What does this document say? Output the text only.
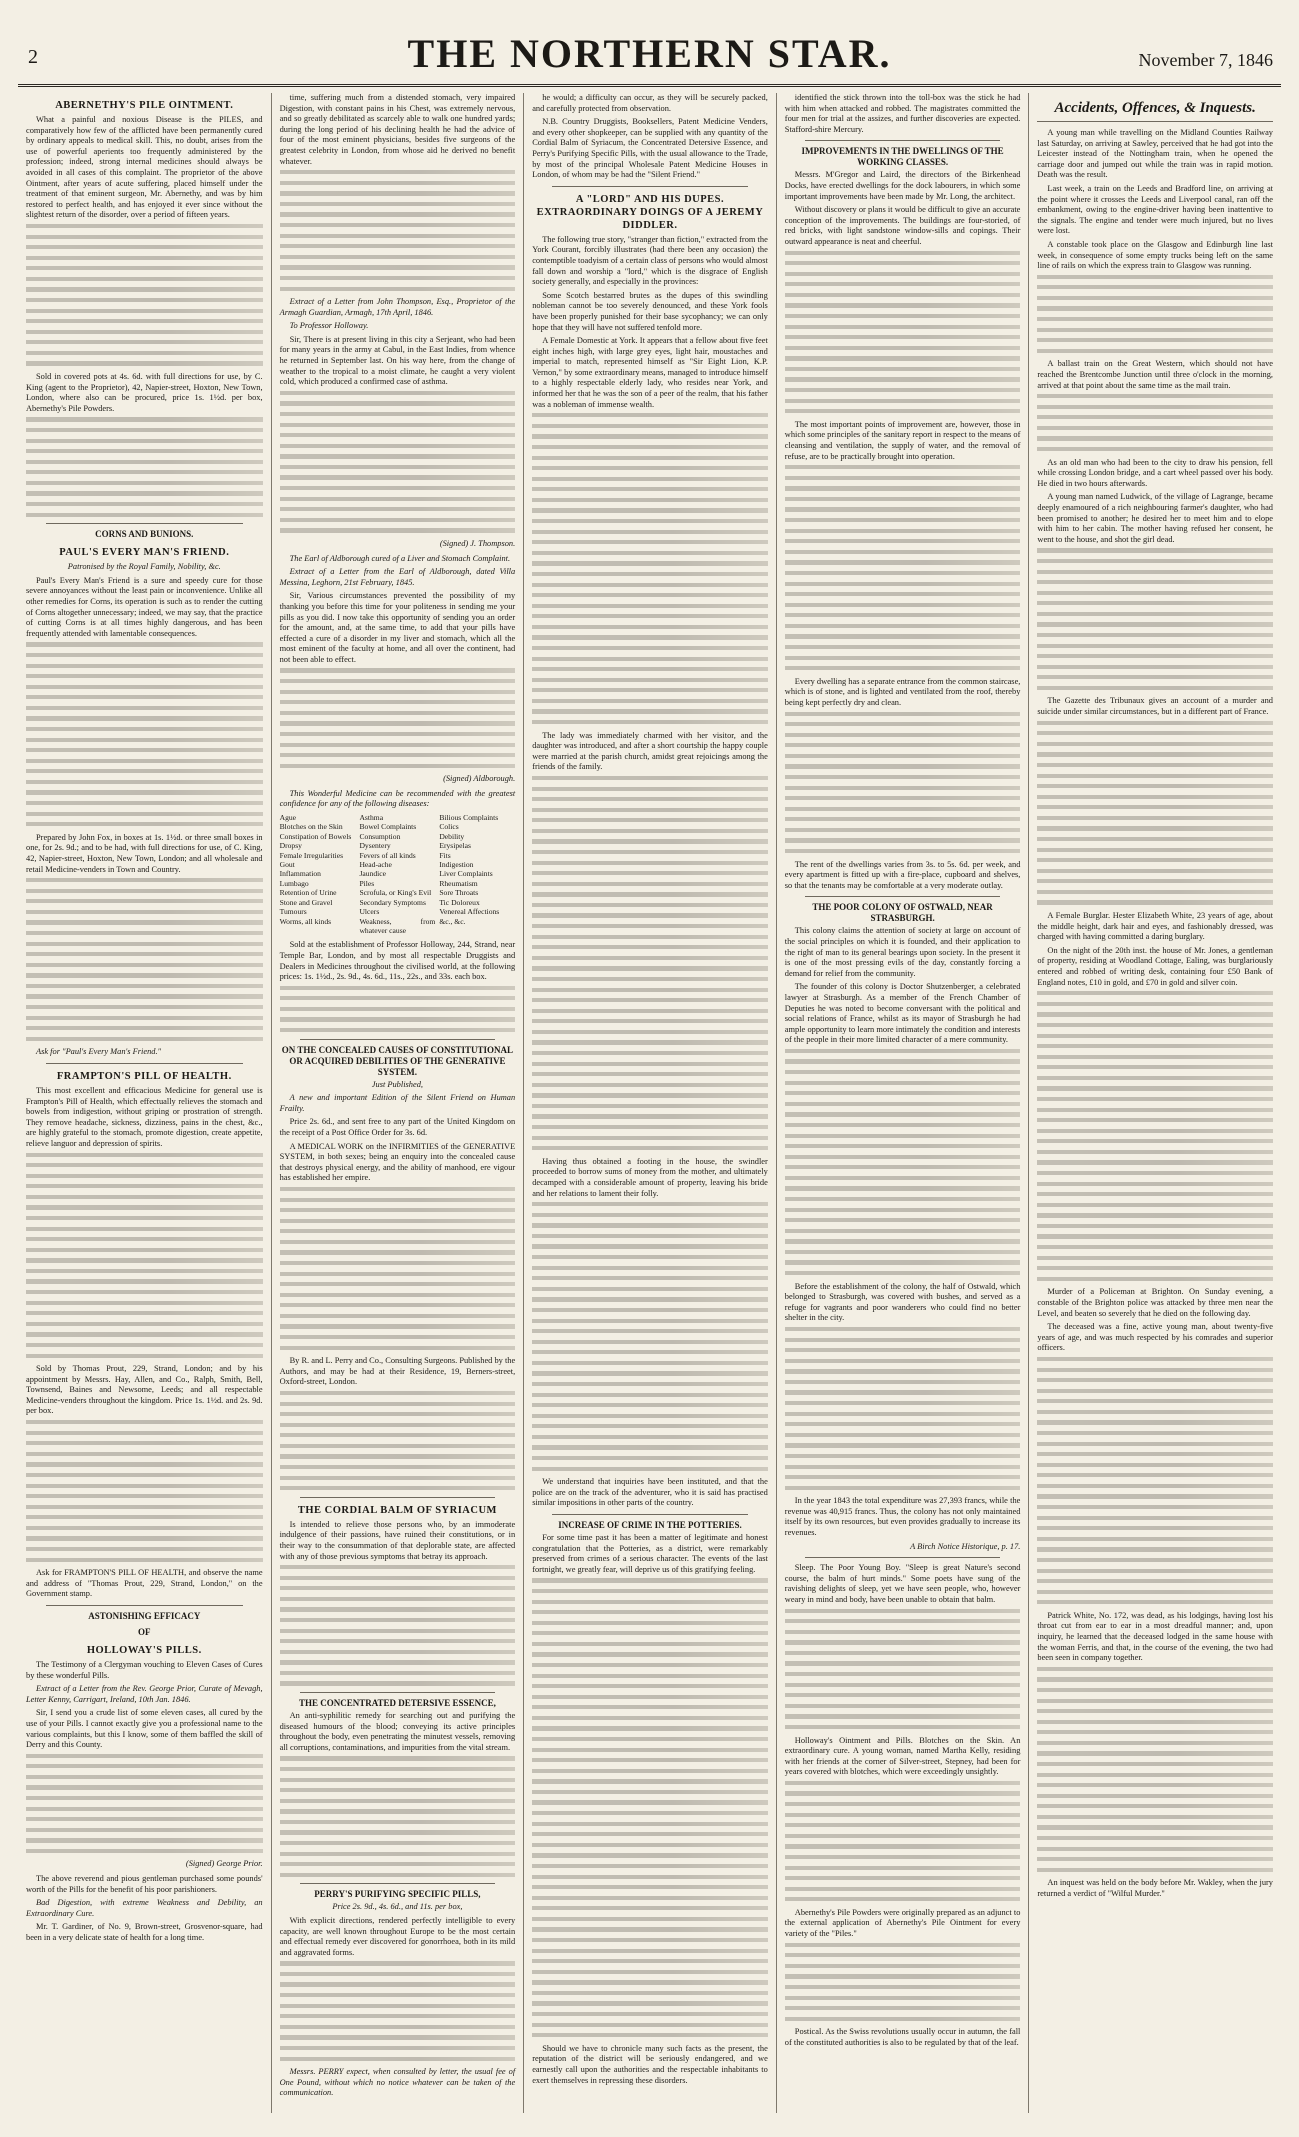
2	THE NORTHERN STAR.	November 7, 1846
ABERNETHY'S PILE OINTMENT.

What a painful and noxious Disease is the PILES, and comparatively how few of the afflicted have been permanently cured by ordinary appeals to medical skill. This, no doubt, arises from the use of powerful aperients too frequently administered by the profession; indeed, strong internal medicines should always be avoided in all cases of this complaint. The proprietor of the above Ointment, after years of acute suffering, placed himself under the treatment of that eminent surgeon, Mr. Abernethy, and was by him restored to perfect health, and has enjoyed it ever since without the slightest return of the disorder, over a period of fifteen years.

Sold in covered pots at 4s. 6d. with full directions for use, by C. King (agent to the Proprietor), 42, Napier-street, Hoxton, New Town, London, where also can be procured, price 1s. 1½d. per box, Abernethy's Pile Powders.

CORNS AND BUNIONS.
PAUL'S EVERY MAN'S FRIEND.
Patronised by the Royal Family, Nobility, &c.

Paul's Every Man's Friend is a sure and speedy cure for those severe annoyances without the least pain or inconvenience. Unlike all other remedies for Corns, its operation is such as to render the cutting of Corns altogether unnecessary; indeed, we may say, that the practice of cutting Corns is at all times highly dangerous, and has been frequently attended with lamentable consequences.

Prepared by John Fox, in boxes at 1s. 1½d. or three small boxes in one, for 2s. 9d.; and to be had, with full directions for use, of C. King, 42, Napier-street, Hoxton, New Town, London; and all wholesale and retail Medicine-venders in Town and Country.

Ask for "Paul's Every Man's Friend."

FRAMPTON'S PILL OF HEALTH.

This most excellent and efficacious Medicine for general use is Frampton's Pill of Health, which effectually relieves the stomach and bowels from indigestion, without griping or prostration of strength. They remove headache, sickness, dizziness, pains in the chest, &c., are highly grateful to the stomach, promote digestion, create appetite, relieve languor and depression of spirits.

Sold by Thomas Prout, 229, Strand, London; and by his appointment by Messrs. Hay, Allen, and Co., Ralph, Smith, Bell, Townsend, Baines and Newsome, Leeds; and all respectable Medicine-venders throughout the kingdom. Price 1s. 1½d. and 2s. 9d. per box.

Ask for FRAMPTON'S PILL OF HEALTH, and observe the name and address of "Thomas Prout, 229, Strand, London," on the Government stamp.

ASTONISHING EFFICACY
OF
HOLLOWAY'S PILLS.

The Testimony of a Clergyman vouching to Eleven Cases of Cures by these wonderful Pills.

Extract of a Letter from the Rev. George Prior, Curate of Mevagh, Letter Kenny, Carrigart, Ireland, 10th Jan. 1846.

Sir, I send you a crude list of some eleven cases, all cured by the use of your Pills. I cannot exactly give you a professional name to the various complaints, but this I know, some of them baffled the skill of Derry and this County.

(Signed) George Prior.

The above reverend and pious gentleman purchased some pounds' worth of the Pills for the benefit of his poor parishioners.

Bad Digestion, with extreme Weakness and Debility, an Extraordinary Cure.

Mr. T. Gardiner, of No. 9, Brown-street, Grosvenor-square, had been in a very delicate state of health for a long time.

time, suffering much from a distended stomach, very impaired Digestion, with constant pains in his Chest, was extremely nervous, and so greatly debilitated as scarcely able to walk one hundred yards; during the long period of his declining health he had the advice of four of the most eminent physicians, besides five surgeons of the greatest celebrity in London, from whose aid he derived no benefit whatever.

Extract of a Letter from John Thompson, Esq., Proprietor of the Armagh Guardian, Armagh, 17th April, 1846.

To Professor Holloway.

Sir, There is at present living in this city a Serjeant, who had been for many years in the army at Cabul, in the East Indies, from whence he returned in September last. On his way here, from the change of weather to the tropical to a moist climate, he caught a very violent cold, which produced a confirmed case of asthma.

(Signed) J. Thompson.

The Earl of Aldborough cured of a Liver and Stomach Complaint.

Extract of a Letter from the Earl of Aldborough, dated Villa Messina, Leghorn, 21st February, 1845.

Sir, Various circumstances prevented the possibility of my thanking you before this time for your politeness in sending me your pills as you did. I now take this opportunity of sending you an order for the amount, and, at the same time, to add that your pills have effected a cure of a disorder in my liver and stomach, which all the most eminent of the faculty at home, and all over the continent, had not been able to effect.

(Signed) Aldborough.

This Wonderful Medicine can be recommended with the greatest confidence for any of the following diseases:

Ague	Asthma	Bilious Complaints
Blotches on the Skin	Bowel Complaints	Colics
Constipation of Bowels	Consumption	Debility
Dropsy	Dysentery	Erysipelas
Female Irregularities	Fevers of all kinds	Fits
Gout	Head-ache	Indigestion
Inflammation	Jaundice	Liver Complaints
Lumbago	Piles	Rheumatism
Retention of Urine	Scrofula, or King's Evil	Sore Throats
Stone and Gravel	Secondary Symptoms	Tic Doloreux
Tumours	Ulcers	Venereal Affections
Worms, all kinds	Weakness, from whatever cause
&c., &c.

Sold at the establishment of Professor Holloway, 244, Strand, near Temple Bar, London, and by most all respectable Druggists and Dealers in Medicines throughout the civilised world, at the following prices: 1s. 1½d., 2s. 9d., 4s. 6d., 11s., 22s., and 33s. each box.

ON THE CONCEALED CAUSES OF CONSTITUTIONAL OR ACQUIRED DEBILITIES OF THE GENERATIVE SYSTEM.
Just Published,

A new and important Edition of the Silent Friend on Human Frailty.

Price 2s. 6d., and sent free to any part of the United Kingdom on the receipt of a Post Office Order for 3s. 6d.

A MEDICAL WORK on the INFIRMITIES of the GENERATIVE SYSTEM, in both sexes; being an enquiry into the concealed cause that destroys physical energy, and the ability of manhood, ere vigour has established her empire.

By R. and L. Perry and Co., Consulting Surgeons. Published by the Authors, and may be had at their Residence, 19, Berners-street, Oxford-street, London.

THE CORDIAL BALM OF SYRIACUM

Is intended to relieve those persons who, by an immoderate indulgence of their passions, have ruined their constitutions, or in their way to the consummation of that deplorable state, are affected with any of those previous symptoms that betray its approach.

THE CONCENTRATED DETERSIVE ESSENCE,

An anti-syphilitic remedy for searching out and purifying the diseased humours of the blood; conveying its active principles throughout the body, even penetrating the minutest vessels, removing all corruptions, contaminations, and impurities from the vital stream.

PERRY'S PURIFYING SPECIFIC PILLS,
Price 2s. 9d., 4s. 6d., and 11s. per box,

With explicit directions, rendered perfectly intelligible to every capacity, are well known throughout Europe to be the most certain and effectual remedy ever discovered for gonorrhoea, both in its mild and aggravated forms.

Messrs. PERRY expect, when consulted by letter, the usual fee of One Pound, without which no notice whatever can be taken of the communication.

he would; a difficulty can occur, as they will be securely packed, and carefully protected from observation.

N.B. Country Druggists, Booksellers, Patent Medicine Venders, and every other shopkeeper, can be supplied with any quantity of the Cordial Balm of Syriacum, the Concentrated Detersive Essence, and Perry's Purifying Specific Pills, with the usual allowance to the Trade, by most of the principal Wholesale Patent Medicine Houses in London, of whom may be had the "Silent Friend."

A "LORD" AND HIS DUPES. EXTRAORDINARY DOINGS OF A JEREMY DIDDLER.

The following true story, "stranger than fiction," extracted from the York Courant, forcibly illustrates (had there been any occasion) the contemptible toadyism of a certain class of persons who would almost fall down and worship a "lord," which is the disgrace of English society generally, and especially in the provinces:

Some Scotch bestarred brutes as the dupes of this swindling nobleman cannot be too severely denounced, and these York fools have been properly punished for their base sycophancy; we can only hope that they will have not suffered tenfold more.

A Female Domestic at York. It appears that a fellow about five feet eight inches high, with large grey eyes, light hair, moustaches and imperial to match, represented himself as "Sir Eight Lion, K.P. Vernon," by some extraordinary means, managed to introduce himself to a highly respectable elderly lady, who resides near York, and informed her that he was the son of a peer of the realm, that his father was a nobleman of immense wealth.

The lady was immediately charmed with her visitor, and the daughter was introduced, and after a short courtship the happy couple were married at the parish church, amidst great rejoicings among the friends of the family.

Having thus obtained a footing in the house, the swindler proceeded to borrow sums of money from the mother, and ultimately decamped with a considerable amount of property, leaving his bride and her relations to lament their folly.

We understand that inquiries have been instituted, and that the police are on the track of the adventurer, who it is said has practised similar impositions in other parts of the country.

INCREASE OF CRIME IN THE POTTERIES.

For some time past it has been a matter of legitimate and honest congratulation that the Potteries, as a district, were remarkably preserved from crimes of a serious character. The events of the last fortnight, we greatly fear, will deprive us of this gratifying feeling.

Should we have to chronicle many such facts as the present, the reputation of the district will be seriously endangered, and we earnestly call upon the authorities and the respectable inhabitants to exert themselves in repressing these disorders.

identified the stick thrown into the toll-box was the stick he had with him when attacked and robbed. The magistrates committed the four men for trial at the assizes, and further discoveries are expected. Stafford-shire Mercury.

IMPROVEMENTS IN THE DWELLINGS OF THE WORKING CLASSES.

Messrs. M'Gregor and Laird, the directors of the Birkenhead Docks, have erected dwellings for the dock labourers, in which some important improvements have been made by Mr. Long, the architect.

Without discovery or plans it would be difficult to give an accurate conception of the improvements. The buildings are four-storied, of red bricks, with light sandstone window-sills and copings. Their outward appearance is neat and cheerful.

The most important points of improvement are, however, those in which some principles of the sanitary report in respect to the means of cleansing and ventilation, the supply of water, and the removal of refuse, are to be practically brought into operation.

Every dwelling has a separate entrance from the common staircase, which is of stone, and is lighted and ventilated from the roof, thereby being kept perfectly dry and clean.

The rent of the dwellings varies from 3s. to 5s. 6d. per week, and every apartment is fitted up with a fire-place, cupboard and shelves, so that the tenants may be comfortable at a very moderate outlay.

THE POOR COLONY OF OSTWALD, NEAR STRASBURGH.

This colony claims the attention of society at large on account of the social principles on which it is founded, and their application to the right of man to its general bearings upon society. In the present it is one of the most pressing evils of the day, constantly forcing a demand for relief from the community.

The founder of this colony is Doctor Shutzenberger, a celebrated lawyer at Strasburgh. As a member of the French Chamber of Deputies he was noted to become conversant with the political and social relations of France, whilst as its mayor of Strasburgh he had ample opportunity to learn more intimately the condition and interests of the people in their more limited character of a mere community.

Before the establishment of the colony, the half of Ostwald, which belonged to Strasburgh, was covered with bushes, and served as a refuge for vagrants and poor wanderers who could find no better shelter in the city.

In the year 1843 the total expenditure was 27,393 francs, while the revenue was 40,915 francs. Thus, the colony has not only maintained itself by its own resources, but even provides gradually to increase its revenues.

A Birch Notice Historique, p. 17.

Sleep. The Poor Young Boy. "Sleep is great Nature's second course, the balm of hurt minds." Some poets have sung of the ravishing delights of sleep, yet we have seen people, who, however weary in mind and body, have been unable to obtain that balm.

Holloway's Ointment and Pills. Blotches on the Skin. An extraordinary cure. A young woman, named Martha Kelly, residing with her friends at the corner of Silver-street, Stepney, had been for years covered with blotches, which were exceedingly unsightly.

Abernethy's Pile Powders were originally prepared as an adjunct to the external application of Abernethy's Pile Ointment for every variety of the "Piles."

Postical. As the Swiss revolutions usually occur in autumn, the fall of the constituted authorities is also to be regulated by that of the leaf.

Accidents, Offences, & Inquests.

A young man while travelling on the Midland Counties Railway last Saturday, on arriving at Sawley, perceived that he had got into the Leicester instead of the Nottingham train, when he opened the carriage door and jumped out while the train was in rapid motion. Death was the result.

Last week, a train on the Leeds and Bradford line, on arriving at the point where it crosses the Leeds and Liverpool canal, ran off the embankment, owing to the engine-driver having been inattentive to the signals. The engine and tender were much injured, but no lives were lost.

A constable took place on the Glasgow and Edinburgh line last week, in consequence of some empty trucks being left on the same line of rails on which the express train to Glasgow was running.

A ballast train on the Great Western, which should not have reached the Brentcombe Junction until three o'clock in the morning, arrived at that point about the same time as the mail train.

As an old man who had been to the city to draw his pension, fell while crossing London bridge, and a cart wheel passed over his body. He died in two hours afterwards.

A young man named Ludwick, of the village of Lagrange, became deeply enamoured of a rich neighbouring farmer's daughter, who had been promised to another; he desired her to meet him and to elope with him to her cabin. The mother having refused her consent, he went to the house, and shot the girl dead.

The Gazette des Tribunaux gives an account of a murder and suicide under similar circumstances, but in a different part of France.

A Female Burglar. Hester Elizabeth White, 23 years of age, about the middle height, dark hair and eyes, and fashionably dressed, was charged with having committed a daring burglary.

On the night of the 20th inst. the house of Mr. Jones, a gentleman of property, residing at Woodland Cottage, Ealing, was burglariously entered and robbed of writing desk, containing four £50 Bank of England notes, £10 in gold, and £70 in gold and silver coin.

Murder of a Policeman at Brighton. On Sunday evening, a constable of the Brighton police was attacked by three men near the Level, and beaten so severely that he died on the following day.

The deceased was a fine, active young man, about twenty-five years of age, and was much respected by his comrades and superior officers.

Patrick White, No. 172, was dead, as his lodgings, having lost his throat cut from ear to ear in a most dreadful manner; and, upon inquiry, he learned that the deceased lodged in the same house with the woman Ferris, and that, in the course of the evening, the two had been seen in company together.

An inquest was held on the body before Mr. Wakley, when the jury returned a verdict of "Wilful Murder."
